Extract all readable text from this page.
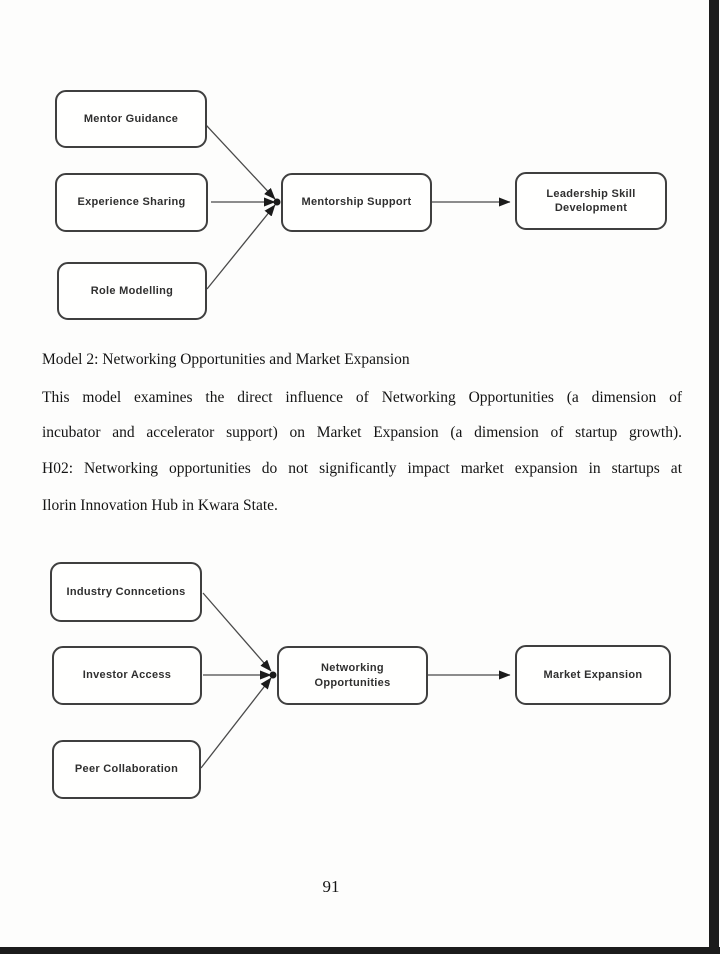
Mentor Guidance
Experience Sharing
Role Modelling
Mentorship Support
Leadership Skill Development
Model 2: Networking Opportunities and Market Expansion
This model examines the direct influence of Networking Opportunities (a dimension of
incubator and accelerator support) on Market Expansion (a dimension of startup growth).
H02: Networking opportunities do not significantly impact market expansion in startups at
Ilorin Innovation Hub in Kwara State.
Industry Conncetions
Investor Access
Peer Collaboration
Networking Opportunities
Market Expansion
91
